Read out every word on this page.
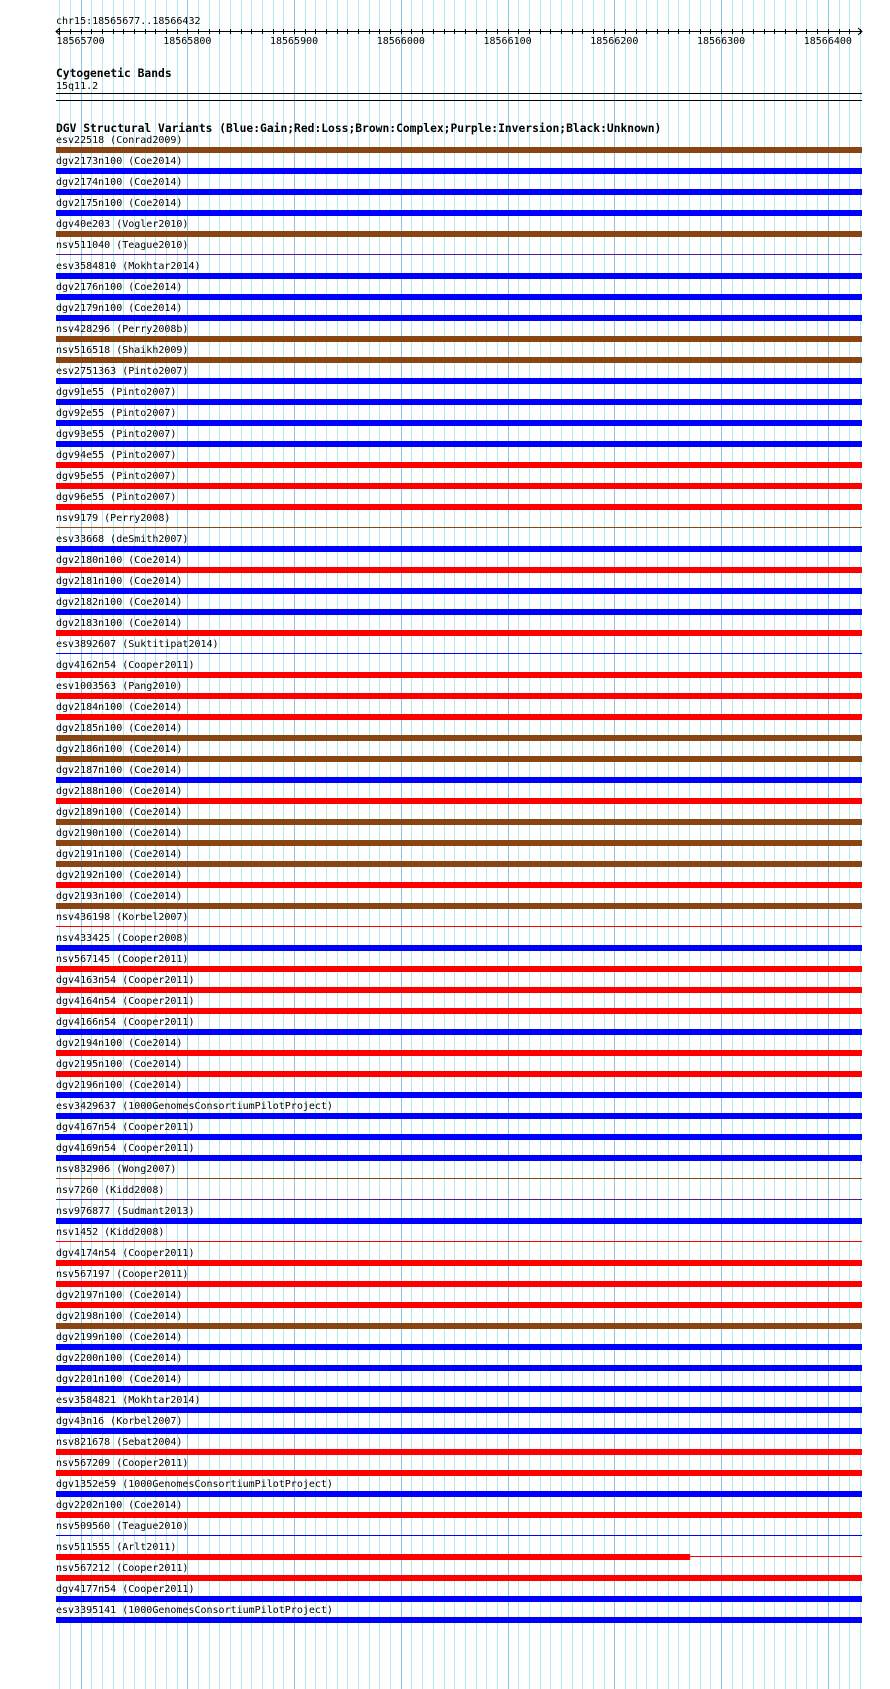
chr15:18565677..18566432
18565700	18565800	18565900	18566000	18566100	18566200	18566300	18566400
Cytogenetic Bands
15q11.2
DGV Structural Variants (Blue:Gain;Red:Loss;Brown:Complex;Purple:Inversion;Black:Unknown)
esv22518 (Conrad2009)
dgv2173n100 (Coe2014)
dgv2174n100 (Coe2014)
dgv2175n100 (Coe2014)
dgv40e203 (Vogler2010)
nsv511040 (Teague2010)
esv3584810 (Mokhtar2014)
dgv2176n100 (Coe2014)
dgv2179n100 (Coe2014)
nsv428296 (Perry2008b)
nsv516518 (Shaikh2009)
esv2751363 (Pinto2007)
dgv91e55 (Pinto2007)
dgv92e55 (Pinto2007)
dgv93e55 (Pinto2007)
dgv94e55 (Pinto2007)
dgv95e55 (Pinto2007)
dgv96e55 (Pinto2007)
nsv9179 (Perry2008)
esv33668 (deSmith2007)
dgv2180n100 (Coe2014)
dgv2181n100 (Coe2014)
dgv2182n100 (Coe2014)
dgv2183n100 (Coe2014)
esv3892607 (Suktitipat2014)
dgv4162n54 (Cooper2011)
esv1003563 (Pang2010)
dgv2184n100 (Coe2014)
dgv2185n100 (Coe2014)
dgv2186n100 (Coe2014)
dgv2187n100 (Coe2014)
dgv2188n100 (Coe2014)
dgv2189n100 (Coe2014)
dgv2190n100 (Coe2014)
dgv2191n100 (Coe2014)
dgv2192n100 (Coe2014)
dgv2193n100 (Coe2014)
nsv436198 (Korbel2007)
nsv433425 (Cooper2008)
nsv567145 (Cooper2011)
dgv4163n54 (Cooper2011)
dgv4164n54 (Cooper2011)
dgv4166n54 (Cooper2011)
dgv2194n100 (Coe2014)
dgv2195n100 (Coe2014)
dgv2196n100 (Coe2014)
esv3429637 (1000GenomesConsortiumPilotProject)
dgv4167n54 (Cooper2011)
dgv4169n54 (Cooper2011)
nsv832906 (Wong2007)
nsv7260 (Kidd2008)
nsv976877 (Sudmant2013)
nsv1452 (Kidd2008)
dgv4174n54 (Cooper2011)
nsv567197 (Cooper2011)
dgv2197n100 (Coe2014)
dgv2198n100 (Coe2014)
dgv2199n100 (Coe2014)
dgv2200n100 (Coe2014)
dgv2201n100 (Coe2014)
esv3584821 (Mokhtar2014)
dgv43n16 (Korbel2007)
nsv821678 (Sebat2004)
nsv567209 (Cooper2011)
dgv1352e59 (1000GenomesConsortiumPilotProject)
dgv2202n100 (Coe2014)
nsv509560 (Teague2010)
nsv511555 (Arlt2011)
nsv567212 (Cooper2011)
dgv4177n54 (Cooper2011)
esv3395141 (1000GenomesConsortiumPilotProject)
